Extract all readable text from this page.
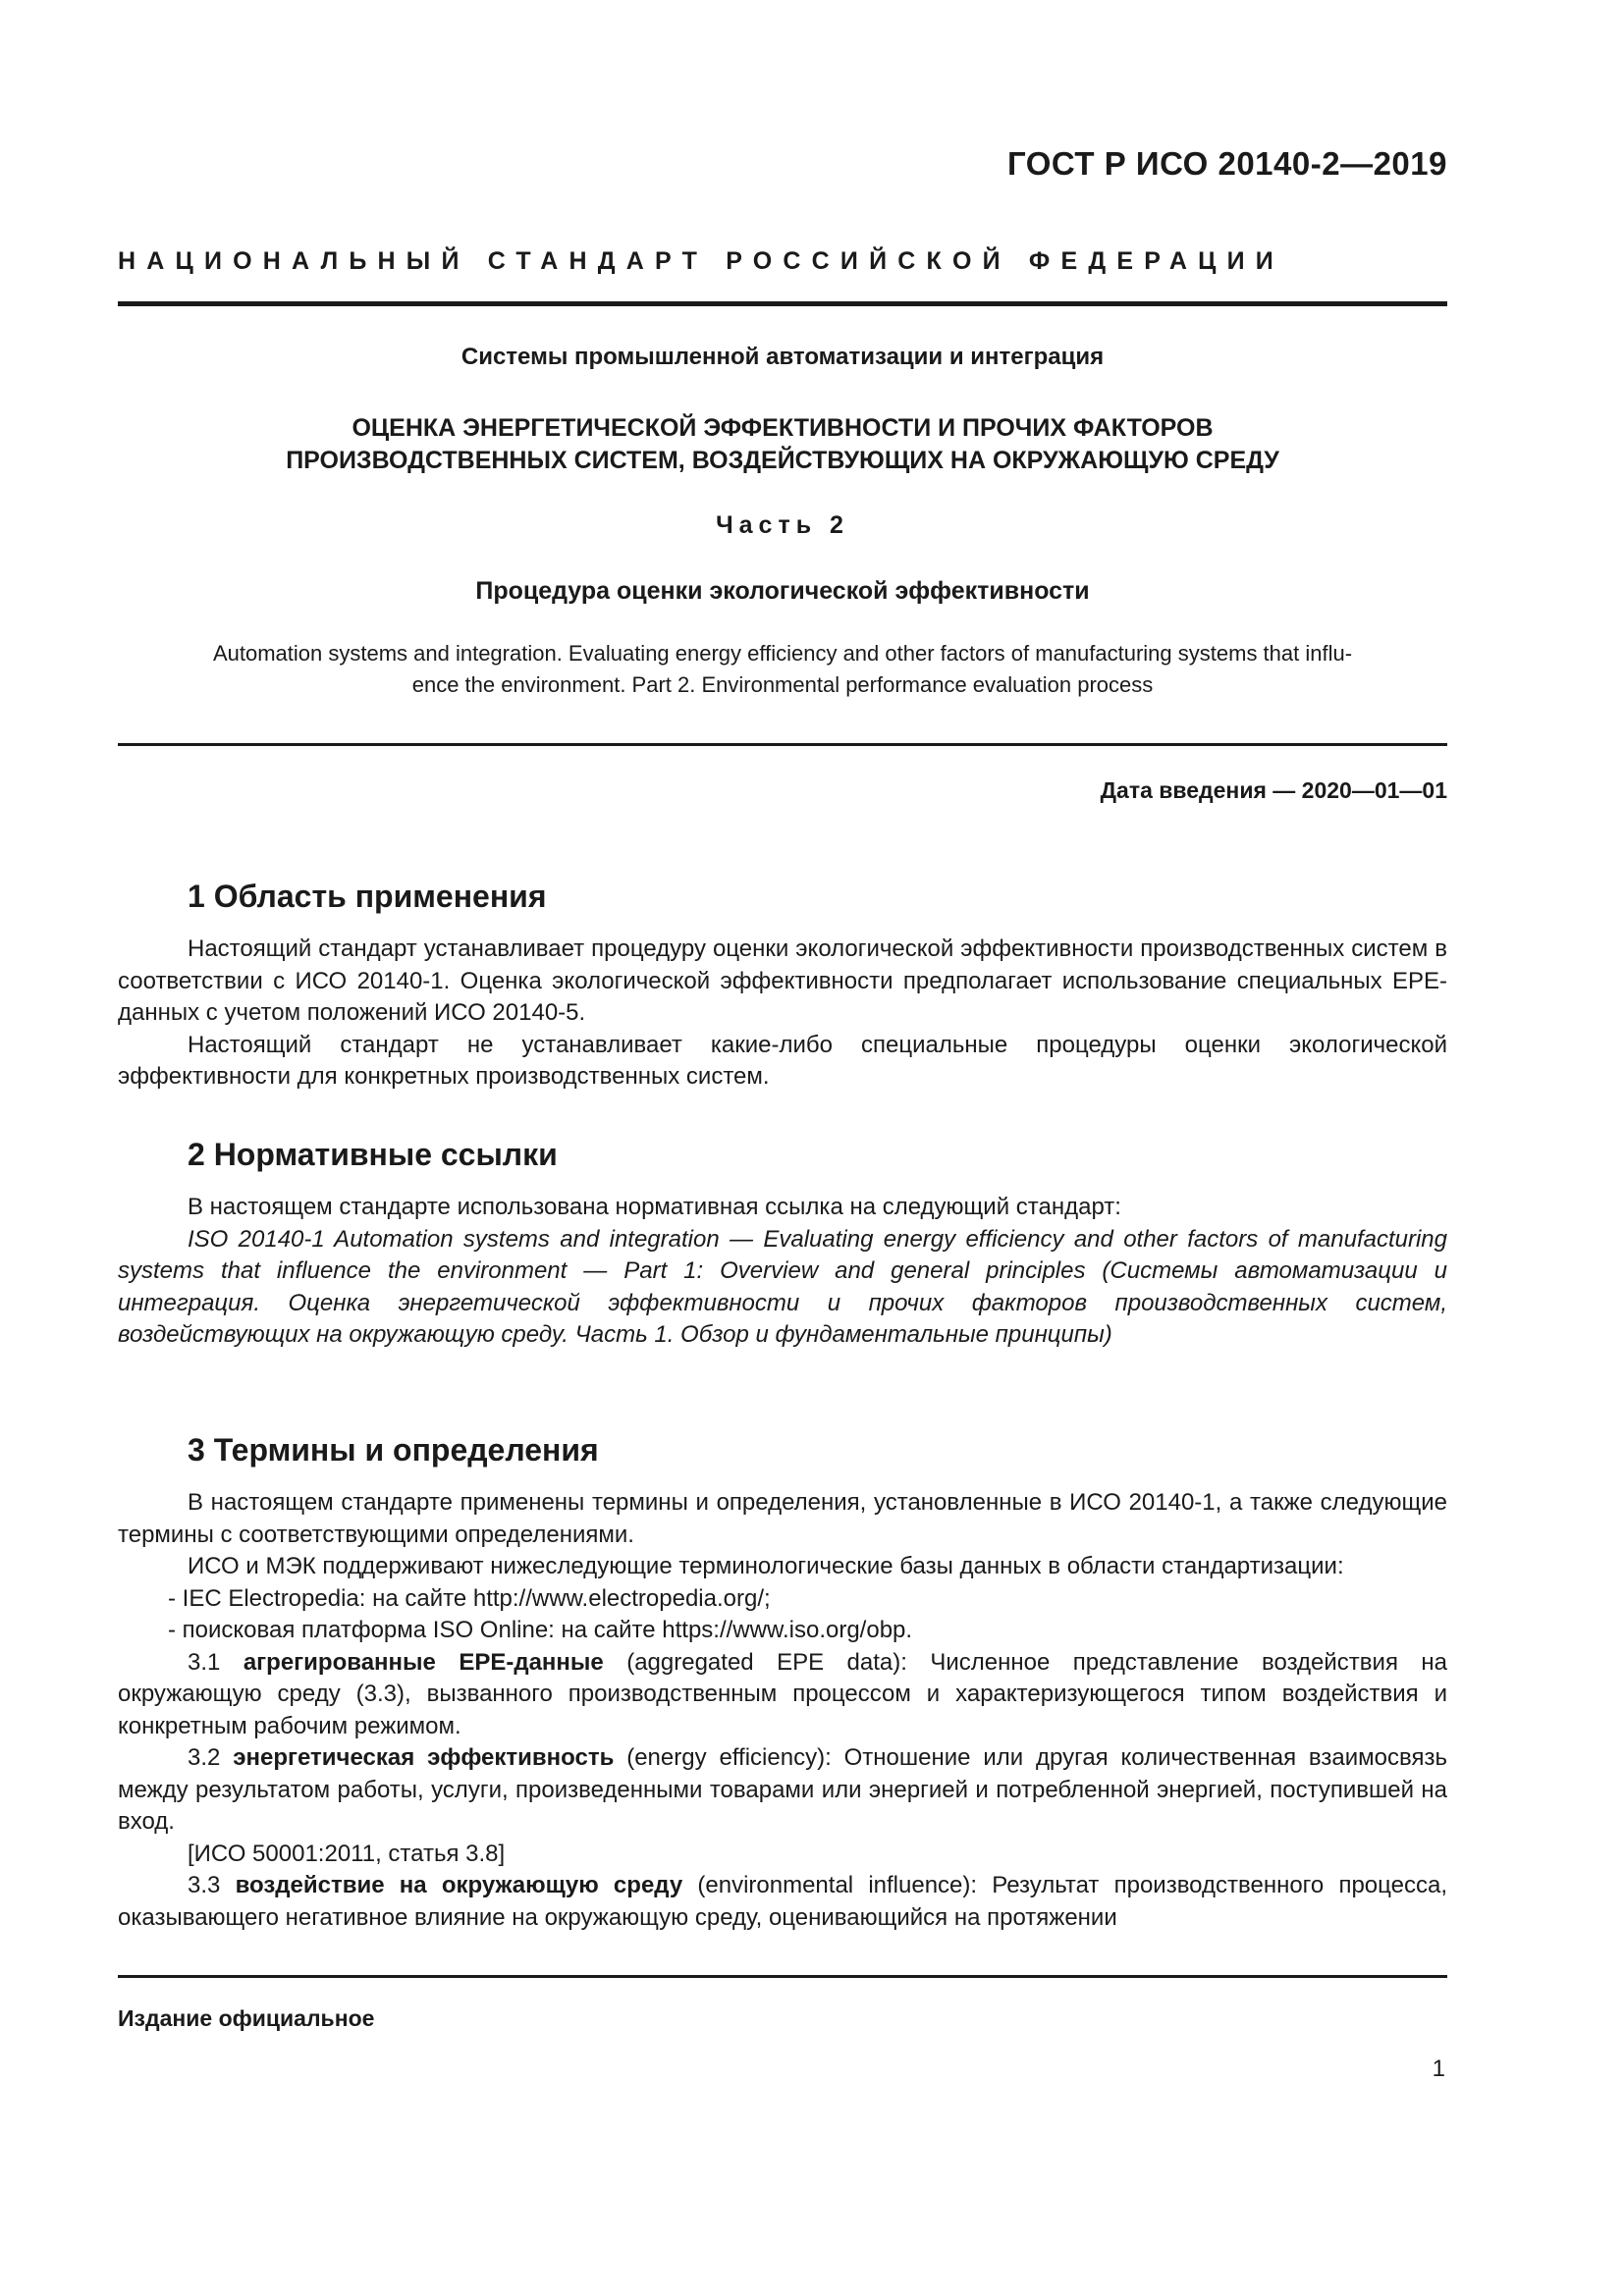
ГОСТ Р ИСО 20140-2—2019
НАЦИОНАЛЬНЫЙ СТАНДАРТ РОССИЙСКОЙ ФЕДЕРАЦИИ
Системы промышленной автоматизации и интеграция
ОЦЕНКА ЭНЕРГЕТИЧЕСКОЙ ЭФФЕКТИВНОСТИ И ПРОЧИХ ФАКТОРОВ
ПРОИЗВОДСТВЕННЫХ СИСТЕМ, ВОЗДЕЙСТВУЮЩИХ НА ОКРУЖАЮЩУЮ СРЕДУ
Часть 2
Процедура оценки экологической эффективности
Automation systems and integration. Evaluating energy efficiency and other factors of manufacturing systems that influ-
ence the environment. Part 2. Environmental performance evaluation process
Дата введения — 2020—01—01
1 Область применения

Настоящий стандарт устанавливает процедуру оценки экологической эффективности производственных систем в соответствии с ИСО 20140-1. Оценка экологической эффективности предполагает использование специальных ЕРЕ-данных с учетом положений ИСО 20140-5.

Настоящий стандарт не устанавливает какие-либо специальные процедуры оценки экологической эффективности для конкретных производственных систем.

2 Нормативные ссылки

В настоящем стандарте использована нормативная ссылка на следующий стандарт:

ISO 20140-1 Automation systems and integration — Evaluating energy efficiency and other factors of manufacturing systems that influence the environment — Part 1: Overview and general principles (Системы автоматизации и интеграция. Оценка энергетической эффективности и прочих факторов производственных систем, воздействующих на окружающую среду. Часть 1. Обзор и фундаментальные принципы)

3 Термины и определения

В настоящем стандарте применены термины и определения, установленные в ИСО 20140-1, а также следующие термины с соответствующими определениями.

ИСО и МЭК поддерживают нижеследующие терминологические базы данных в области стандартизации:

- IEC Electropedia: на сайте http://www.electropedia.org/;

- поисковая платформа ISO Online: на сайте https://www.iso.org/obp.

3.1 агрегированные ЕРЕ-данные (aggregated EPE data): Численное представление воздействия на окружающую среду (3.3), вызванного производственным процессом и характеризующегося типом воздействия и конкретным рабочим режимом.

3.2 энергетическая эффективность (energy efficiency): Отношение или другая количественная взаимосвязь между результатом работы, услуги, произведенными товарами или энергией и потребленной энергией, поступившей на вход.

[ИСО 50001:2011, статья 3.8]

3.3 воздействие на окружающую среду (environmental influence): Результат производственного процесса, оказывающего негативное влияние на окружающую среду, оценивающийся на протяжении

Издание официальное
1
